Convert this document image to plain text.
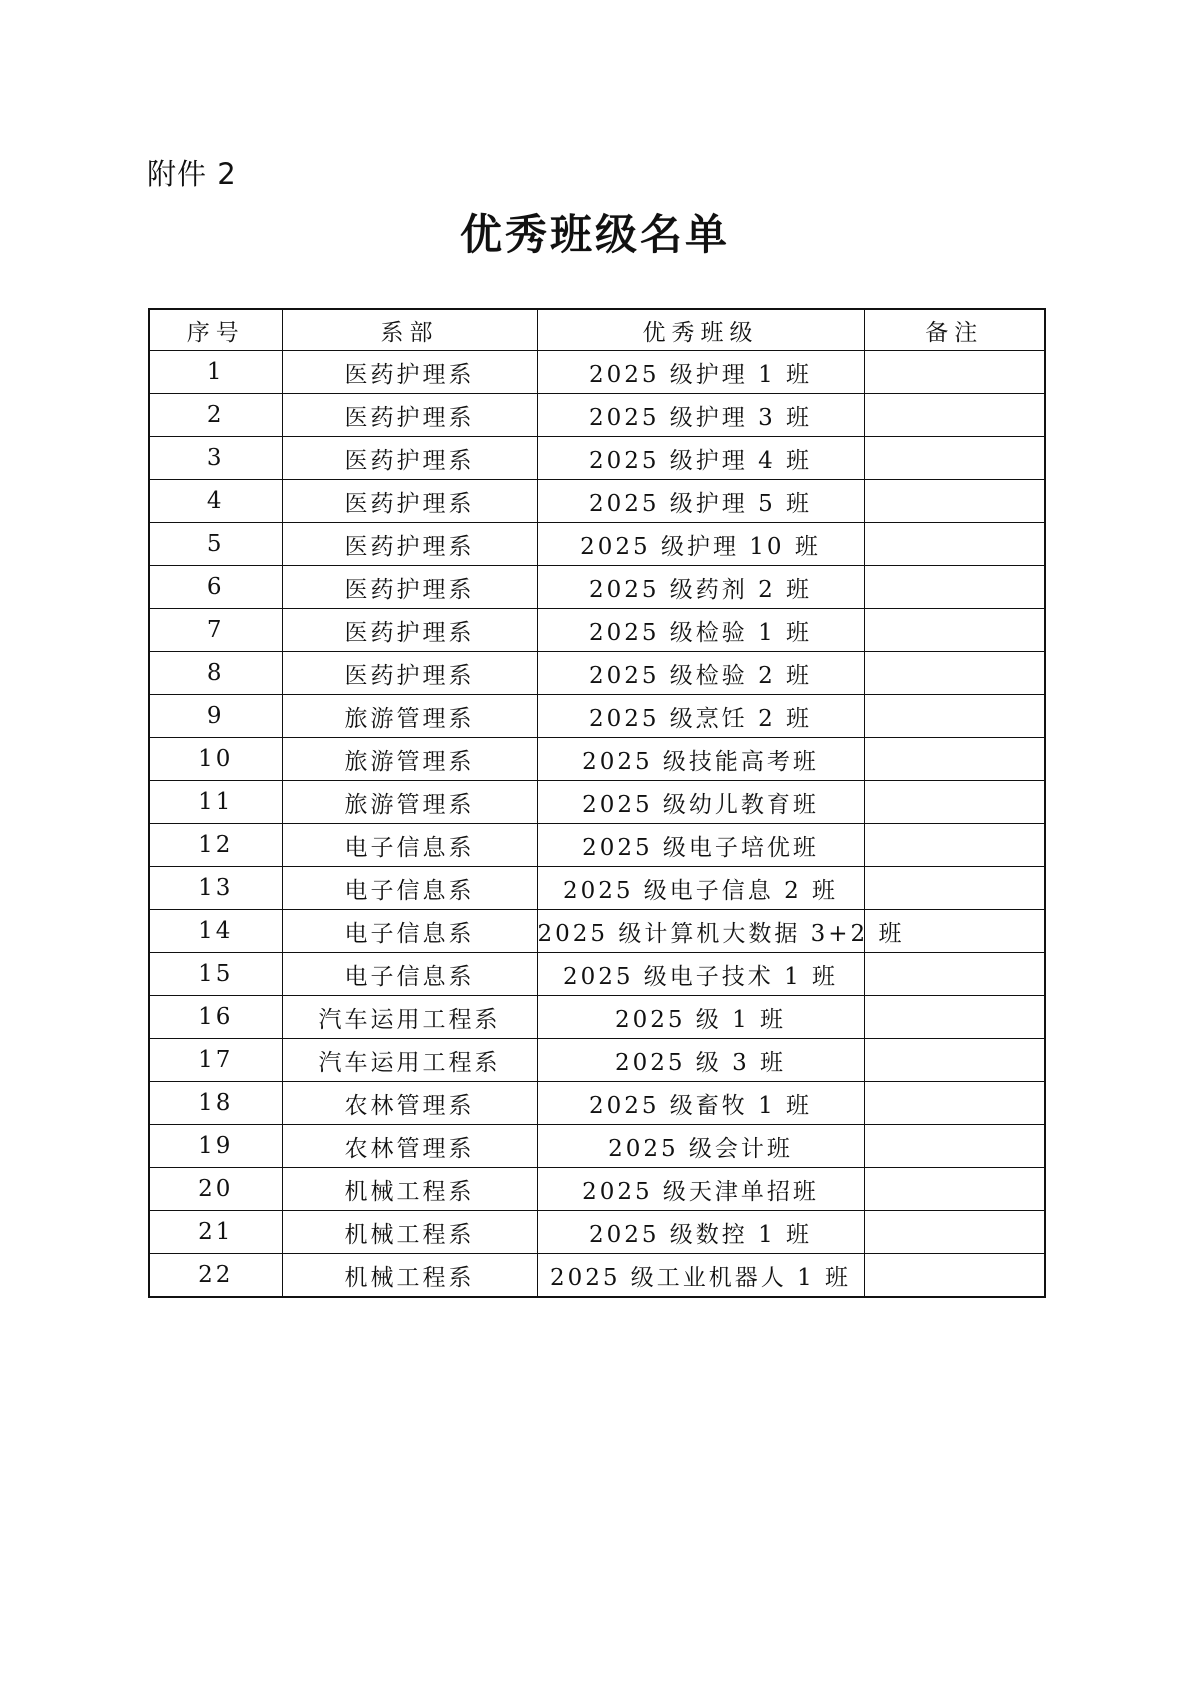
附件 2
优秀班级名单
序号	系部	优秀班级	备注
1	医药护理系	2025 级护理 1 班	
2	医药护理系	2025 级护理 3 班	
3	医药护理系	2025 级护理 4 班	
4	医药护理系	2025 级护理 5 班	
5	医药护理系	2025 级护理 10 班	
6	医药护理系	2025 级药剂 2 班	
7	医药护理系	2025 级检验 1 班	
8	医药护理系	2025 级检验 2 班	
9	旅游管理系	2025 级烹饪 2 班	
10	旅游管理系	2025 级技能高考班	
11	旅游管理系	2025 级幼儿教育班	
12	电子信息系	2025 级电子培优班	
13	电子信息系	2025 级电子信息 2 班	
14	电子信息系	2025 级计算机大数据 3+2 班	
15	电子信息系	2025 级电子技术 1 班	
16	汽车运用工程系	2025 级 1 班	
17	汽车运用工程系	2025 级 3 班	
18	农林管理系	2025 级畜牧 1 班	
19	农林管理系	2025 级会计班	
20	机械工程系	2025 级天津单招班	
21	机械工程系	2025 级数控 1 班	
22	机械工程系	2025 级工业机器人 1 班	
